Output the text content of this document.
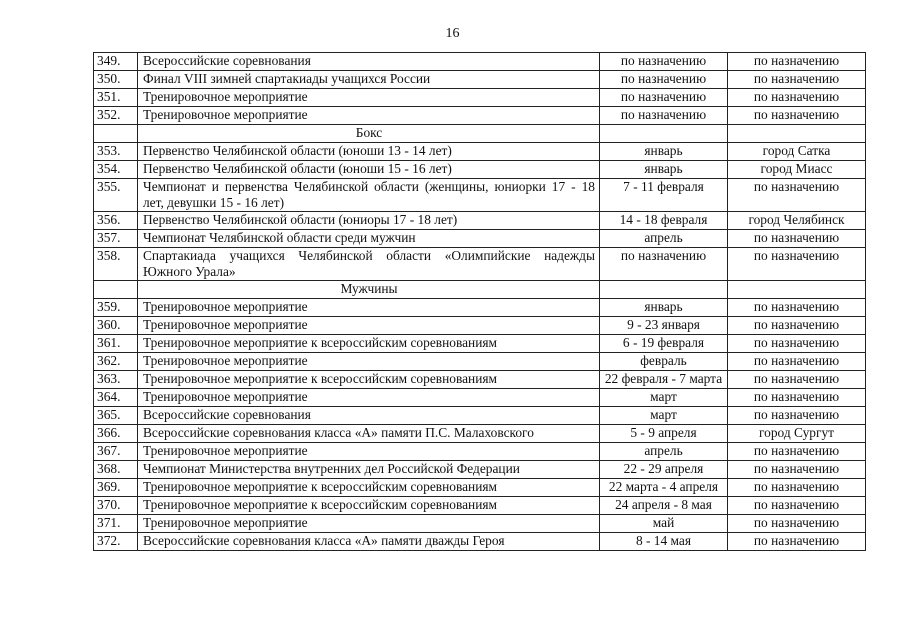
16
349.	Всероссийские соревнования	по назначению	по назначению
350.	Финал VIII зимней спартакиады учащихся России	по назначению	по назначению
351.	Тренировочное мероприятие	по назначению	по назначению
352.	Тренировочное мероприятие	по назначению	по назначению
	Бокс		
353.	Первенство Челябинской области (юноши 13 - 14 лет)	январь	город Сатка
354.	Первенство Челябинской области (юноши 15 - 16 лет)	январь	город Миасс
355.	Чемпионат и первенства Челябинской области (женщины, юниорки 17 - 18 лет, девушки 15 - 16 лет)	7 - 11 февраля	по назначению
356.	Первенство Челябинской области (юниоры 17 - 18 лет)	14 - 18 февраля	город Челябинск
357.	Чемпионат Челябинской области среди мужчин	апрель	по назначению
358.	Спартакиада учащихся Челябинской области «Олимпийские надежды Южного Урала»	по назначению	по назначению
	Мужчины		
359.	Тренировочное мероприятие	январь	по назначению
360.	Тренировочное мероприятие	9 - 23 января	по назначению
361.	Тренировочное мероприятие к всероссийским соревнованиям	6 - 19 февраля	по назначению
362.	Тренировочное мероприятие	февраль	по назначению
363.	Тренировочное мероприятие к всероссийским соревнованиям	22 февраля - 7 марта	по назначению
364.	Тренировочное мероприятие	март	по назначению
365.	Всероссийские соревнования	март	по назначению
366.	Всероссийские соревнования класса «А» памяти П.С. Малаховского	5 - 9 апреля	город Сургут
367.	Тренировочное мероприятие	апрель	по назначению
368.	Чемпионат Министерства внутренних дел Российской Федерации	22 - 29 апреля	по назначению
369.	Тренировочное мероприятие к всероссийским соревнованиям	22 марта - 4 апреля	по назначению
370.	Тренировочное мероприятие к всероссийским соревнованиям	24 апреля - 8 мая	по назначению
371.	Тренировочное мероприятие	май	по назначению
372.	Всероссийские соревнования класса «А» памяти дважды Героя	8 - 14 мая	по назначению
